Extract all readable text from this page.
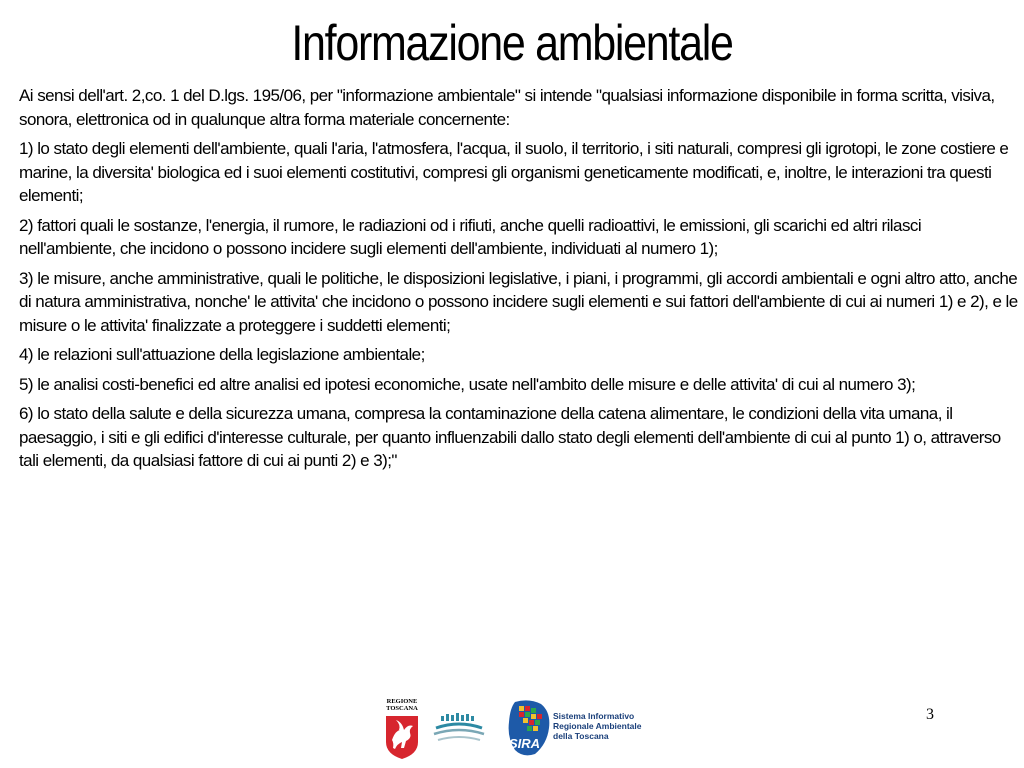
Informazione ambientale

Ai sensi dell'art. 2,co. 1 del D.lgs. 195/06, per "informazione ambientale" si intende "qualsiasi informazione disponibile in forma scritta, visiva, sonora, elettronica od in qualunque altra forma materiale concernente:

1) lo stato degli elementi dell'ambiente, quali l'aria, l'atmosfera, l'acqua, il suolo, il territorio, i siti naturali, compresi gli igrotopi, le zone costiere e marine, la diversita' biologica ed i suoi elementi costitutivi, compresi gli organismi geneticamente modificati, e, inoltre, le interazioni tra questi elementi;

2) fattori quali le sostanze, l'energia, il rumore, le radiazioni od i rifiuti, anche quelli radioattivi, le emissioni, gli scarichi ed altri rilasci nell'ambiente, che incidono o possono incidere sugli elementi dell'ambiente, individuati al numero 1);

3) le misure, anche amministrative, quali le politiche, le disposizioni legislative, i piani, i programmi, gli accordi ambientali e ogni altro atto, anche di natura amministrativa, nonche' le attivita' che incidono o possono incidere sugli elementi e sui fattori dell'ambiente di cui ai numeri 1) e 2), e le misure o le attivita' finalizzate a proteggere i suddetti elementi;

4) le relazioni sull'attuazione della legislazione ambientale;

5) le analisi costi-benefici ed altre analisi ed ipotesi economiche, usate nell'ambito delle misure e delle attivita' di cui al numero 3);

6) lo stato della salute e della sicurezza umana, compresa la contaminazione della catena alimentare, le condizioni della vita umana, il paesaggio, i siti e gli edifici d'interesse culturale, per quanto influenzabili dallo stato degli elementi dell'ambiente di cui al punto 1) o, attraverso tali elementi, da qualsiasi fattore di cui ai punti 2) e 3);"

REGIONE
TOSCANA
SIRA
Sistema Informativo
Regionale Ambientale
della Toscana
3
